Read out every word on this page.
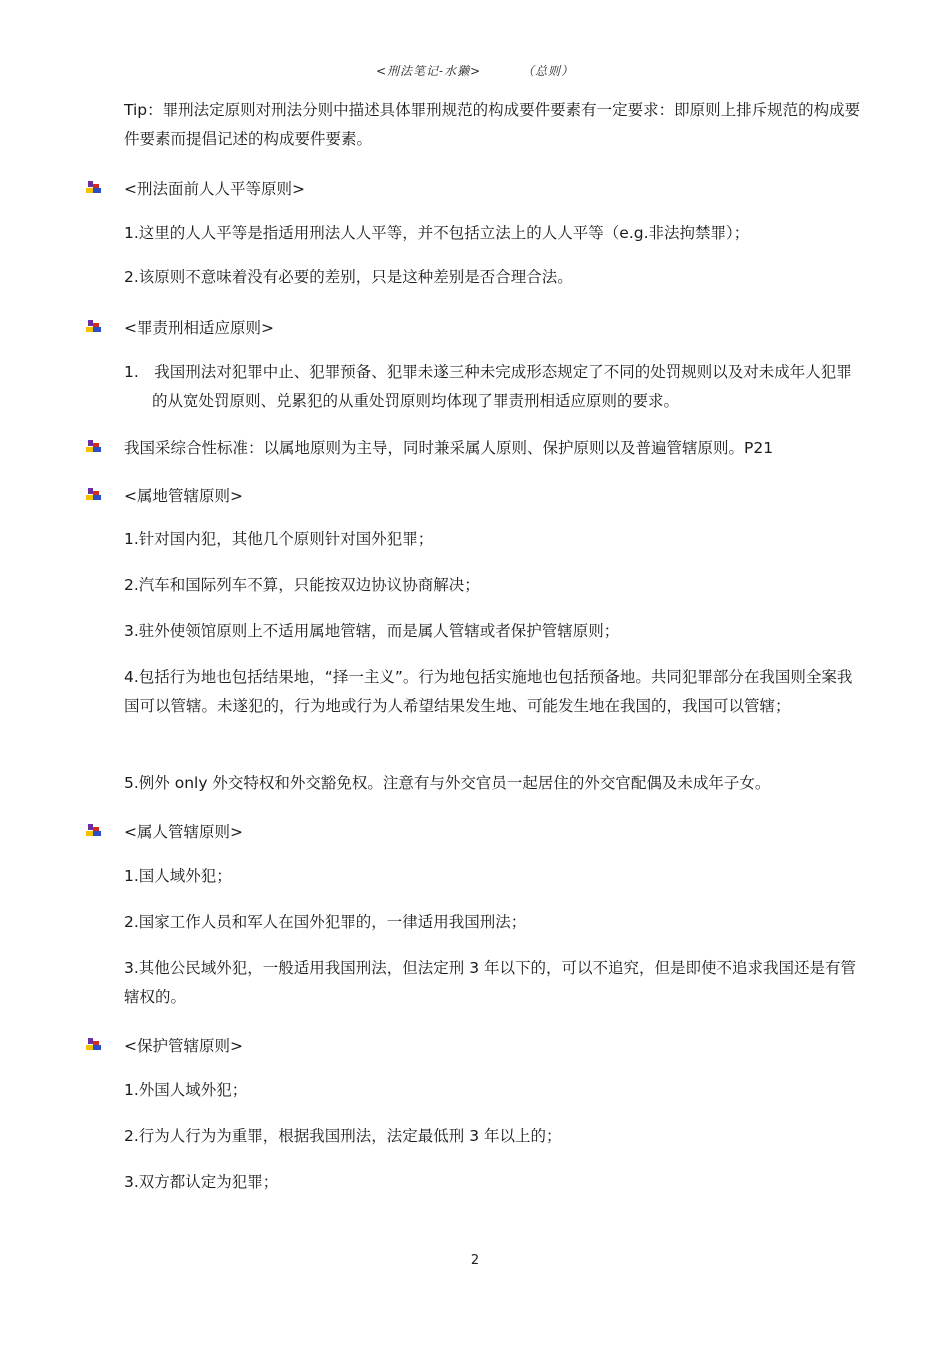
<刑法笔记-水獭>	（总则）

Tip：罪刑法定原则对刑法分则中描述具体罪刑规范的构成要件要素有一定要求：即原则上排斥规范的构成要件要素而提倡记述的构成要件要素。

<刑法面前人人平等原则>

1.这里的人人平等是指适用刑法人人平等，并不包括立法上的人人平等（e.g.非法拘禁罪）；

2.该原则不意味着没有必要的差别，只是这种差别是否合理合法。

<罪责刑相适应原则>

1.　我国刑法对犯罪中止、犯罪预备、犯罪未遂三种未完成形态规定了不同的处罚规则以及对未成年人犯罪的从宽处罚原则、兑累犯的从重处罚原则均体现了罪责刑相适应原则的要求。

我国采综合性标准：以属地原则为主导，同时兼采属人原则、保护原则以及普遍管辖原则。P21
<属地管辖原则>

1.针对国内犯，其他几个原则针对国外犯罪；

2.汽车和国际列车不算，只能按双边协议协商解决；

3.驻外使领馆原则上不适用属地管辖，而是属人管辖或者保护管辖原则；

4.包括行为地也包括结果地，“择一主义”。行为地包括实施地也包括预备地。共同犯罪部分在我国则全案我国可以管辖。未遂犯的，行为地或行为人希望结果发生地、可能发生地在我国的，我国可以管辖；

5.例外 only 外交特权和外交豁免权。注意有与外交官员一起居住的外交官配偶及未成年子女。

<属人管辖原则>

1.国人域外犯；

2.国家工作人员和军人在国外犯罪的，一律适用我国刑法；

3.其他公民域外犯，一般适用我国刑法，但法定刑 3 年以下的，可以不追究，但是即使不追求我国还是有管辖权的。

<保护管辖原则>

1.外国人域外犯；

2.行为人行为为重罪，根据我国刑法，法定最低刑 3 年以上的；

3.双方都认定为犯罪；

2
